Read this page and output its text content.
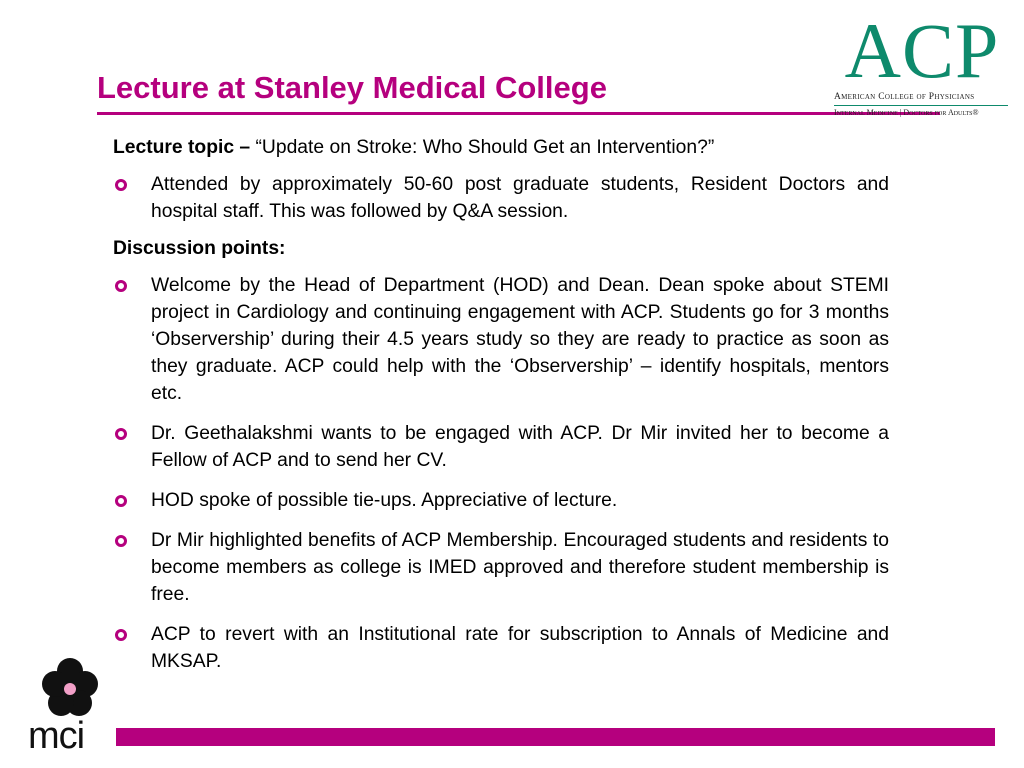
Lecture at Stanley Medical College	ACP
American College of Physicians
Internal Medicine | Doctors for Adults®

Lecture topic – “Update on Stroke: Who Should Get an Intervention?”

Attended by approximately 50-60 post graduate students, Resident Doctors and hospital staff. This was followed by Q&A session.

Discussion points:

Welcome by the Head of Department (HOD) and Dean. Dean spoke about STEMI project in Cardiology and continuing engagement with ACP. Students go for 3 months ‘Observership’ during their 4.5 years study so they are ready to practice as soon as they graduate. ACP could help with the ‘Observership’ – identify hospitals, mentors etc.
Dr. Geethalakshmi wants to be engaged with ACP. Dr Mir invited her to become a Fellow of ACP and to send her CV.
HOD spoke of possible tie-ups. Appreciative of lecture.
Dr Mir highlighted benefits of ACP Membership. Encouraged students and residents to become members as college is IMED approved and therefore student membership is free.
ACP to revert with an Institutional rate for subscription to Annals of Medicine and MKSAP.
mci
